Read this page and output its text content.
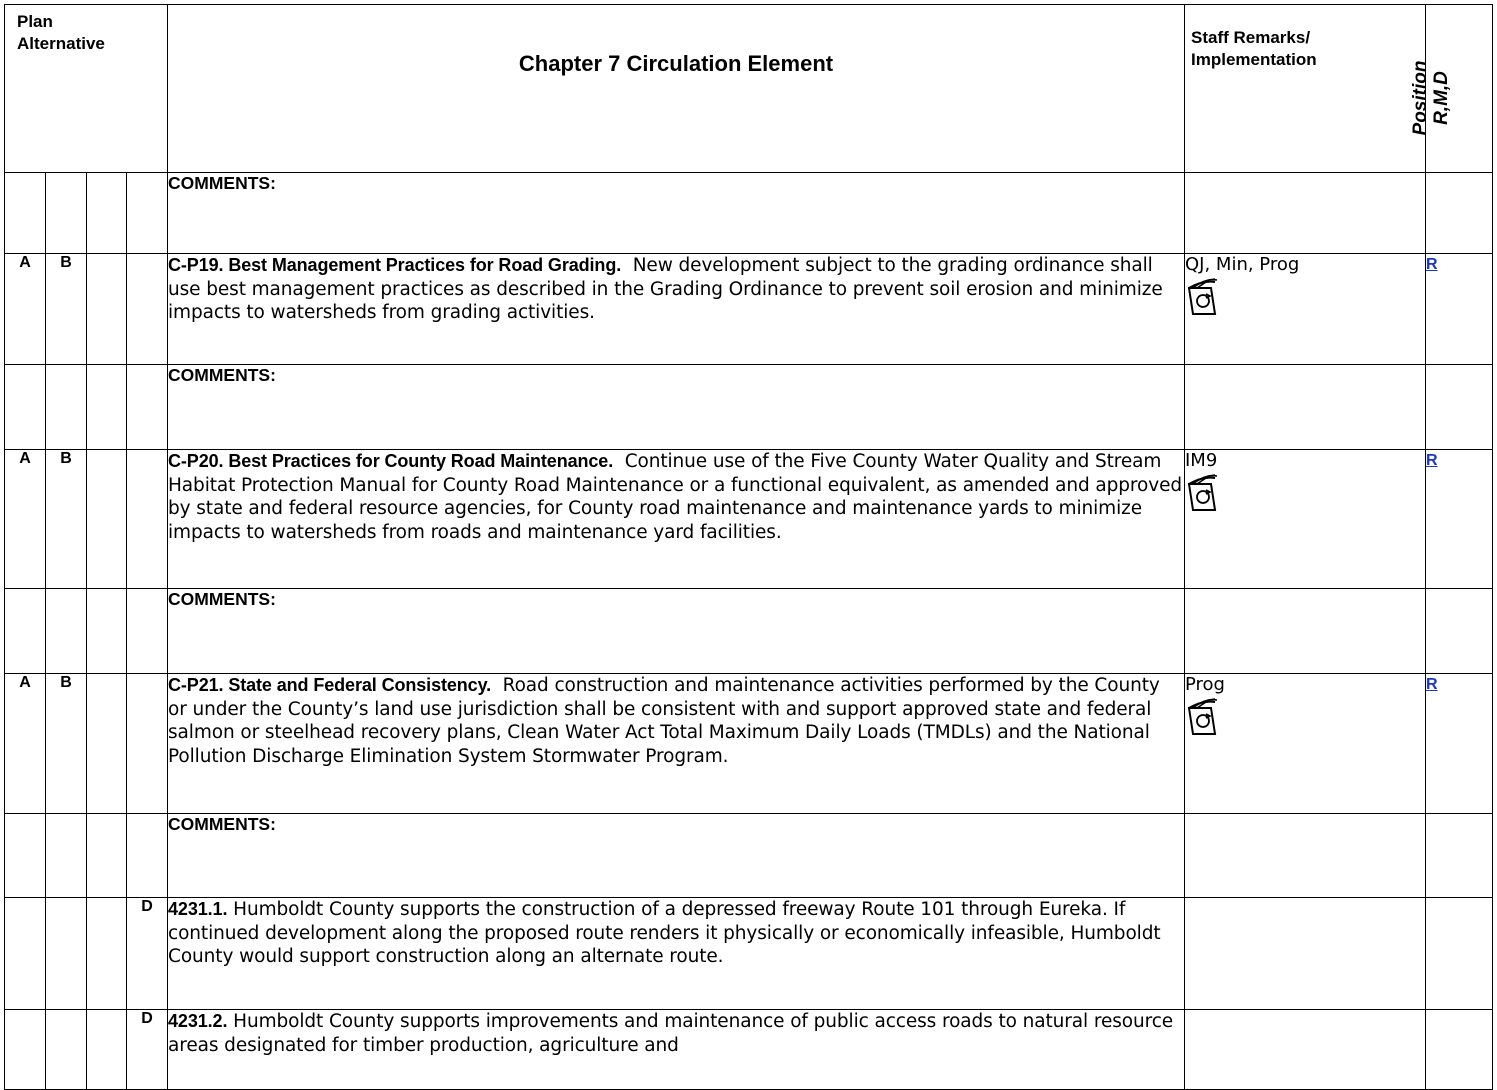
Plan Alternative				Chapter 7 Circulation Element	Staff Remarks/ Implementation	Position R,M,D

				COMMENTS:		
A	B			C-P19. Best Management Practices for Road Grading. New development subject to the grading ordinance shall use best management practices as described in the Grading Ordinance to prevent soil erosion and minimize impacts to watersheds from grading activities.	QJ, Min, Prog	R
				COMMENTS:		
A	B			C-P20. Best Practices for County Road Maintenance. Continue use of the Five County Water Quality and Stream Habitat Protection Manual for County Road Maintenance or a functional equivalent, as amended and approved by state and federal resource agencies, for County road maintenance and maintenance yards to minimize impacts to watersheds from roads and maintenance yard facilities.	IM9	R
				COMMENTS:		
A	B			C-P21. State and Federal Consistency. Road construction and maintenance activities performed by the County or under the County’s land use jurisdiction shall be consistent with and support approved state and federal salmon or steelhead recovery plans, Clean Water Act Total Maximum Daily Loads (TMDLs) and the National Pollution Discharge Elimination System Stormwater Program.	Prog	R
				COMMENTS:		
			D	4231.1. Humboldt County supports the construction of a depressed freeway Route 101 through Eureka. If continued development along the proposed route renders it physically or economically infeasible, Humboldt County would support construction along an alternate route.		
			D	4231.2. Humboldt County supports improvements and maintenance of public access roads to natural resource areas designated for timber production, agriculture and		
